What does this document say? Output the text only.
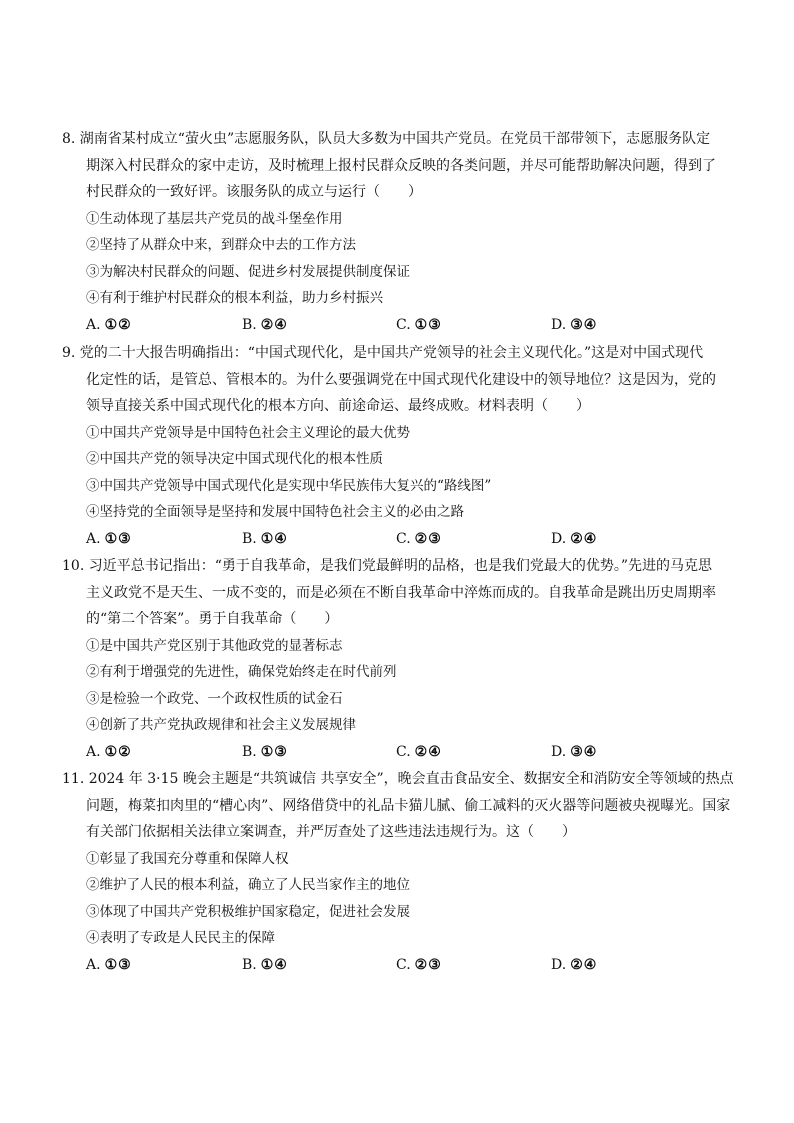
8. 湖南省某村成立“萤火虫”志愿服务队，队员大多数为中国共产党员。在党员干部带领下，志愿服务队定
期深入村民群众的家中走访，及时梳理上报村民群众反映的各类问题，并尽可能帮助解决问题，得到了
村民群众的一致好评。该服务队的成立与运行（　　）
①生动体现了基层共产党员的战斗堡垒作用
②坚持了从群众中来，到群众中去的工作方法
③为解决村民群众的问题、促进乡村发展提供制度保证
④有利于维护村民群众的根本利益，助力乡村振兴
A. ①②	B. ②④	C. ①③	D. ③④
9. 党的二十大报告明确指出：“中国式现代化，是中国共产党领导的社会主义现代化。”这是对中国式现代
化定性的话，是管总、管根本的。为什么要强调党在中国式现代化建设中的领导地位？这是因为，党的
领导直接关系中国式现代化的根本方向、前途命运、最终成败。材料表明（　　）
①中国共产党领导是中国特色社会主义理论的最大优势
②中国共产党的领导决定中国式现代化的根本性质
③中国共产党领导中国式现代化是实现中华民族伟大复兴的“路线图”
④坚持党的全面领导是坚持和发展中国特色社会主义的必由之路
A. ①③	B. ①④	C. ②③	D. ②④
10. 习近平总书记指出：“勇于自我革命，是我们党最鲜明的品格，也是我们党最大的优势。”先进的马克思
主义政党不是天生、一成不变的，而是必须在不断自我革命中淬炼而成的。自我革命是跳出历史周期率
的“第二个答案”。勇于自我革命（　　）
①是中国共产党区别于其他政党的显著标志
②有利于增强党的先进性，确保党始终走在时代前列
③是检验一个政党、一个政权性质的试金石
④创新了共产党执政规律和社会主义发展规律
A. ①②	B. ①③	C. ②④	D. ③④
11. 2024 年 3·15 晚会主题是“共筑诚信 共享安全”，晚会直击食品安全、数据安全和消防安全等领域的热点
问题，梅菜扣肉里的“槽心肉”、网络借贷中的礼品卡猫儿腻、偷工减料的灭火器等问题被央视曝光。国家
有关部门依据相关法律立案调查，并严厉查处了这些违法违规行为。这（　　）
①彰显了我国充分尊重和保障人权
②维护了人民的根本利益，确立了人民当家作主的地位
③体现了中国共产党积极维护国家稳定，促进社会发展
④表明了专政是人民民主的保障
A. ①③	B. ①④	C. ②③	D. ②④
